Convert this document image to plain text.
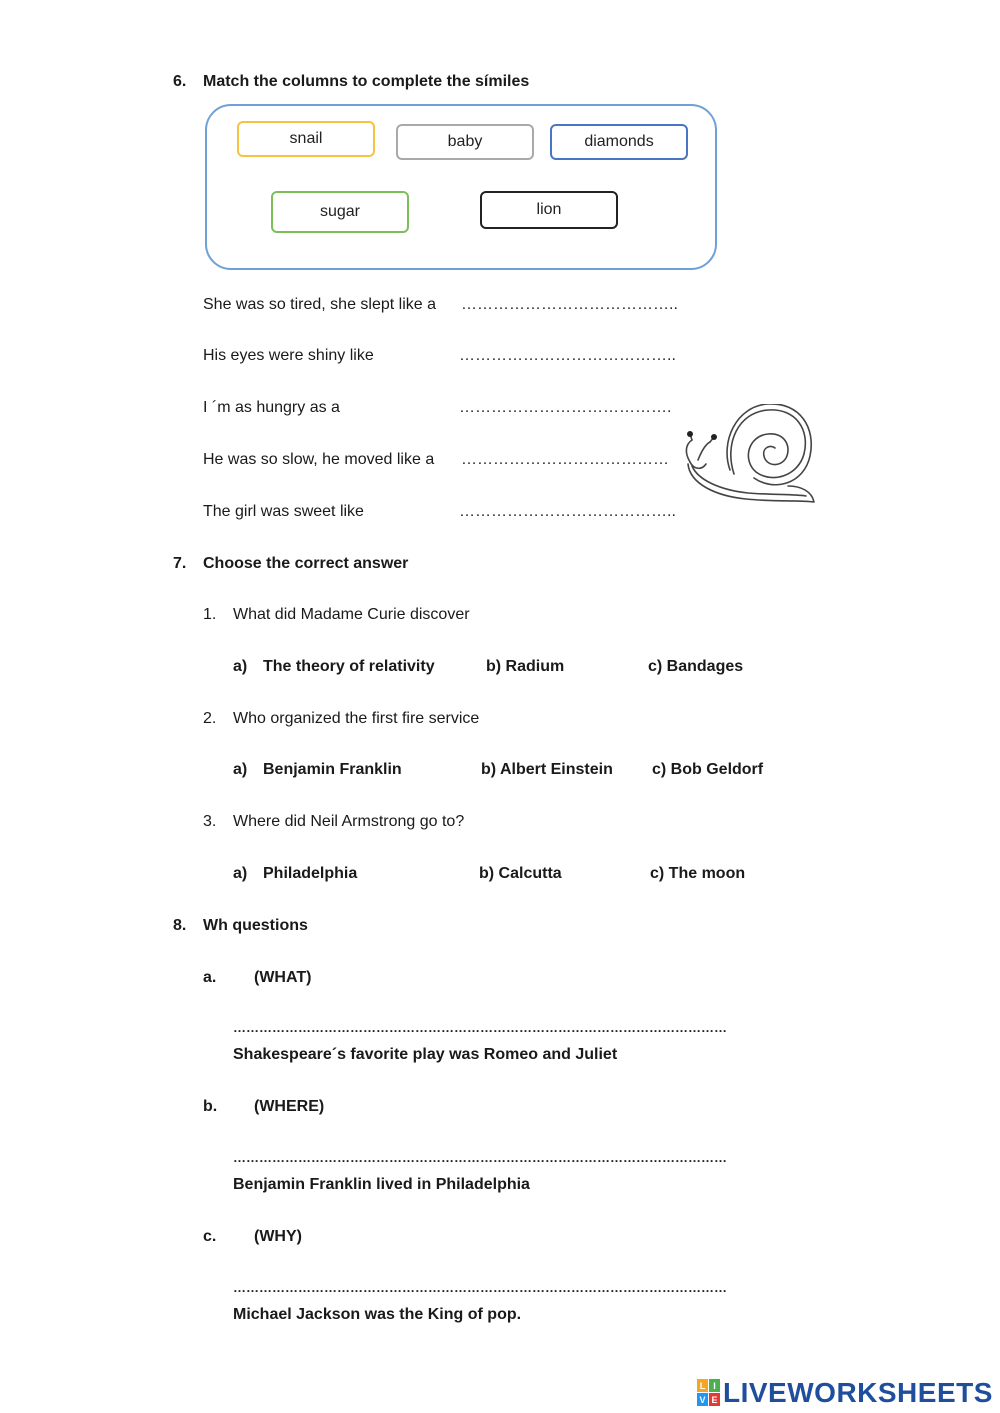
6. Match the columns to complete the símiles
snail	baby	diamonds
sugar	lion
She was so tired, she slept like a …………………………………..
His eyes were shiny like	…………………………………..
I ´m as hungry as a	………………………………….
He was so slow, he moved like a …………………………………
The girl was sweet like	…………………………………..
7. Choose the correct answer
1. What did Madame Curie discover
a) The theory of relativity	b) Radium	c) Bandages
2. Who organized the first fire service
a) Benjamin Franklin	b) Albert Einstein c) Bob Geldorf
3. Where did Neil Armstrong go to?
a) Philadelphia	b) Calcutta	c) The moon
8. Wh questions
a. (WHAT)
……………………………………………………………………………………………………
Shakespeare´s favorite play was Romeo and Juliet
b. (WHERE)
……………………………………………………………………………………………………
Benjamin Franklin lived in Philadelphia
c. (WHY)
……………………………………………………………………………………………………
Michael Jackson was the King of pop.
L I
V E LIVEWORKSHEETS
